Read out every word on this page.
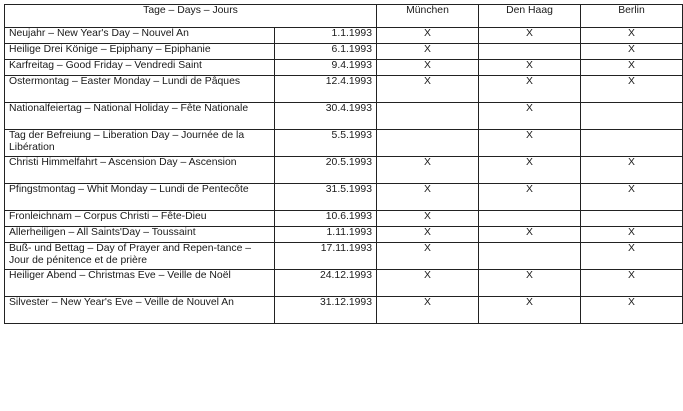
Tage – Days – Jours		München	Den Haag	Berlin
Neujahr – New Year's Day – Nouvel An	1.1.1993	X	X	X
Heilige Drei Könige – Epiphany – Epiphanie	6.1.1993	X		X
Karfreitag – Good Friday – Vendredi Saint	9.4.1993	X	X	X
Ostermontag – Easter Monday – Lundi de Pâques	12.4.1993	X	X	X
Nationalfeiertag – National Holiday – Fête Nationale	30.4.1993		X	
Tag der Befreiung – Liberation Day – Journée de la Libération	5.5.1993		X	
Christi Himmelfahrt – Ascension Day – Ascension	20.5.1993	X	X	X
Pfingstmontag – Whit Monday – Lundi de Pentecôte	31.5.1993	X	X	X
Fronleichnam – Corpus Christi – Fête-Dieu	10.6.1993	X		
Allerheiligen – All Saints'Day – Toussaint	1.11.1993	X	X	X
Buß- und Bettag – Day of Prayer and Repen-tance – Jour de pénitence et de prière	17.11.1993	X		X
Heiliger Abend – Christmas Eve – Veille de Noël	24.12.1993	X	X	X
Silvester – New Year's Eve – Veille de Nouvel An	31.12.1993	X	X	X
